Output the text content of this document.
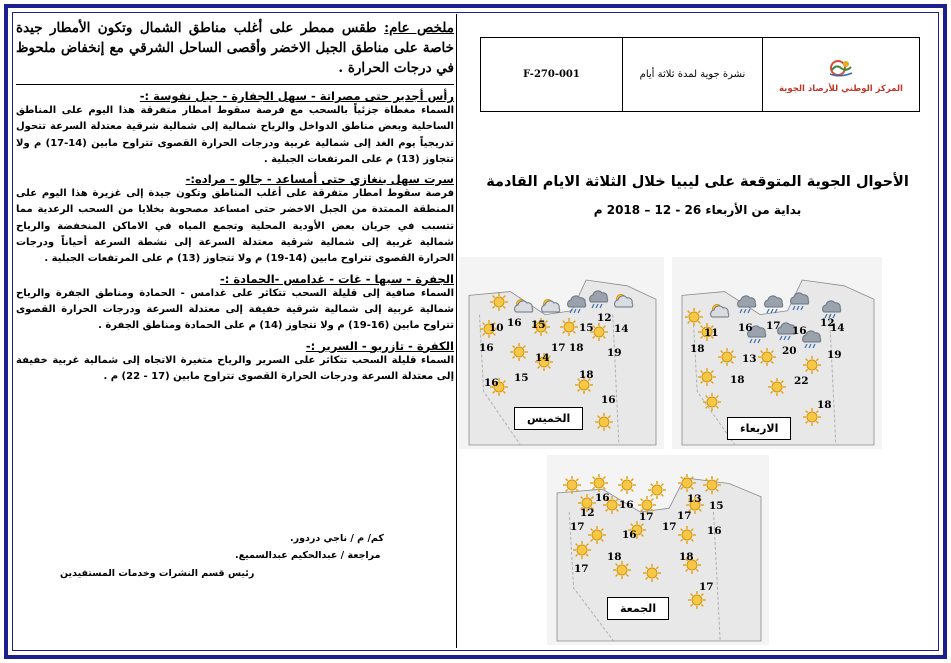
ملخص عام: طقس ممطر على أغلب مناطق الشمال وتكون الأمطار جيدة خاصة على مناطق الجبل الاخضر وأقصى الساحل الشرقي مع إنخفاض ملحوظ في درجات الحرارة .
رأس أجدير حتى مصراتة - سهل الجفارة - جبل نفوسة :-
السماء مغطاة جزئياً بالسحب مع فرصة سقوط امطار متفرقة هذا اليوم على المناطق الساحلية وبعض مناطق الدواخل والرياح شمالية إلى شمالية شرقية معتدلة السرعة تتحول تدريجياً يوم الغد إلى شمالية غربية ودرجات الحرارة القصوى تتراوح مابين (14-17) م ولا تتجاوز (13) م على المرتفعات الجبلية .
سرت سهل بنغازي حتى أمساعد - جالو - مراده:-
فرصة سقوط امطار متفرقة على أغلب المناطق وتكون جيدة إلى غزيرة هذا اليوم على المنطقة الممتدة من الجبل الاخضر حتى امساعد مصحوبة بخلايا من السحب الرعدية مما تتسبب في جريان بعض الأودية المحلية وتجمع المياه في الاماكن المنخفضة والرياح شمالية غربية إلى شمالية شرقية معتدلة السرعة إلى نشطة السرعة أحياناً ودرجات الحرارة القصوى تتراوح مابين (14-19) م ولا تتجاوز (13) م على المرتفعات الجبلية .
الجفرة - سبها - غات - غدامس -الحمادة :-
السماء صافية إلى قليلة السحب تتكاثر على غدامس - الحمادة ومناطق الجفرة والرياح شمالية غربية إلى شمالية شرقية خفيفة إلى معتدلة السرعة ودرجات الحرارة القصوى تتراوح مابين (16-19) م ولا تتجاوز (14) م على الحمادة ومناطق الجفرة .
الكفرة - تازربو - السرير :-
السماء قليلة السحب تتكاثر على السرير والرياح متغيرة الاتجاه إلى شمالية غربية خفيفة إلى معتدلة السرعة ودرجات الحرارة القصوى تتراوح مابين (17 - 22) م .
كم/ م / ناجي دردور.
مراجعة / عبدالحكيم عبدالسميع.
رئيس قسم النشرات وخدمات المستفيدين
F-270-001	نشرة جوية لمدة ثلاثة أيام
المركز الوطني للأرصاد الجوية
الأحوال الجوية المتوقعة على ليبيا خلال الثلاثة الايام القادمة
بداية من الأربعاء 26 - 12 – 2018 م
10 16 15
12
15 14
16	17 18 19
14
16 15	18
16
الخميس
11 16 17 16
12
14
18	20	19
13
18	22
18
الاربعاء
16
16	13
15
12	17 17
17	17
16	16
18	18
17
17
الجمعة
